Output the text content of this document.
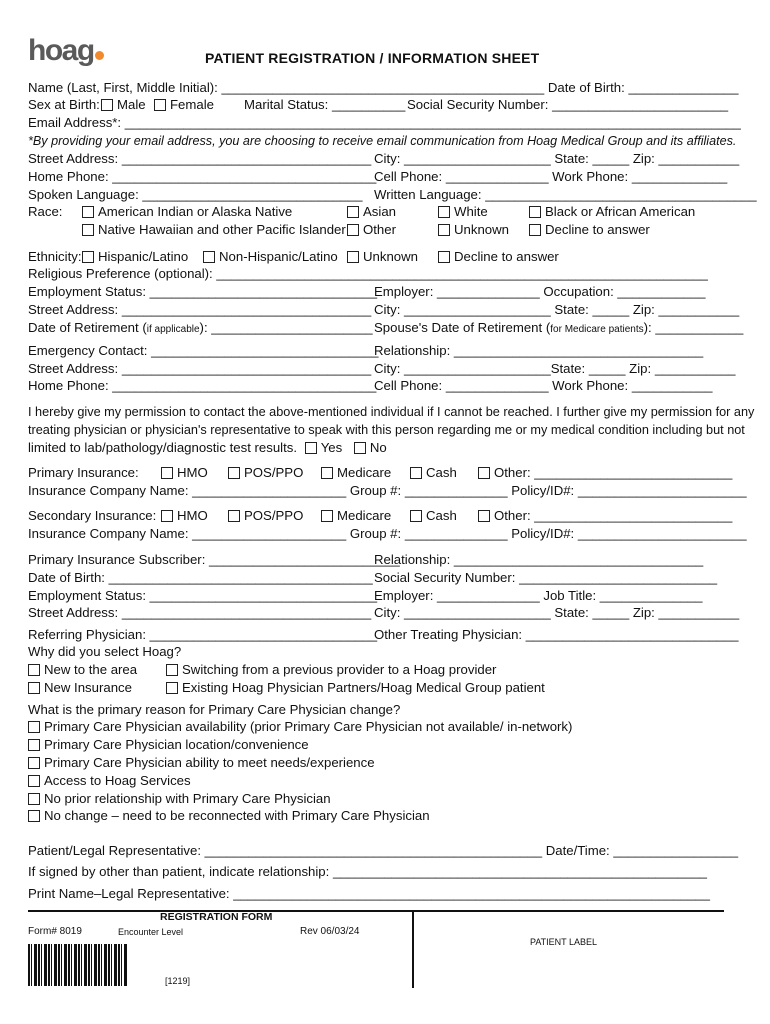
hoag	PATIENT REGISTRATION / INFORMATION SHEET
Name (Last, First, Middle Initial): ____________________________________________ Date of Birth: _______________
Sex at Birth:	Male	Female Marital Status: __________ Social Security Number: ________________________
Email Address*: ____________________________________________________________________________________
*By providing your email address, you are choosing to receive email communication from Hoag Medical Group and its affiliates.
Street Address: __________________________________ City: ____________________ State: _____ Zip: ___________
Home Phone: ____________________________________
Cell Phone: ______________ Work Phone: _____________
Spoken Language: ______________________________ Written Language: _____________________________________
Race:	American Indian or Alaska Native	Asian	White	Black or African American
Native Hawaiian and other Pacific Islander	Other	Unknown	Decline to answer
Ethnicity:	Hispanic/Latino	Non-Hispanic/Latino	Unknown	Decline to answer
Religious Preference (optional): ___________________________________________________________________
Employment Status: _______________________________
Employer: ______________ Occupation: ____________
Street Address: __________________________________ City: ____________________ State: _____ Zip: ___________
Date of Retirement (if applicable): ______________________ Spouse's Date of Retirement (for Medicare patients): ____________
Emergency Contact: _______________________________
Relationship: __________________________________
Street Address: __________________________________ City: ____________________State: _____ Zip: ___________
Home Phone: ____________________________________
Cell Phone: ______________ Work Phone: ___________
I hereby give my permission to contact the above-mentioned individual if I cannot be reached. I further give my permission for any
treating physician or physician's representative to speak with this person regarding me or my medical condition including but not
limited to lab/pathology/diagnostic test results. Yes No
Primary Insurance:	HMO	POS/PPO	Medicare	Cash	Other: ___________________________
Insurance Company Name: _____________________ Group #: ______________ Policy/ID#: _______________________
Secondary Insurance:	HMO	POS/PPO	Medicare	Cash	Other: ___________________________
Insurance Company Name: _____________________ Group #: ______________ Policy/ID#: _______________________
Primary Insurance Subscriber: __________________________
Relationship: __________________________________
Date of Birth: ____________________________________ Social Security Number: ___________________________
Employment Status: _______________________________
Employer: ______________ Job Title: ______________
Street Address: __________________________________ City: ____________________ State: _____ Zip: ___________
Referring Physician: _______________________________
Other Treating Physician: _____________________________
Why did you select Hoag?
New to the area	Switching from a previous provider to a Hoag provider
New Insurance	Existing Hoag Physician Partners/Hoag Medical Group patient
What is the primary reason for Primary Care Physician change?
Primary Care Physician availability (prior Primary Care Physician not available/ in-network)
Primary Care Physician location/convenience
Primary Care Physician ability to meet needs/experience
Access to Hoag Services
No prior relationship with Primary Care Physician
No change – need to be reconnected with Primary Care Physician
Patient/Legal Representative: ______________________________________________ Date/Time: _________________
If signed by other than patient, indicate relationship: ___________________________________________________
Print Name–Legal Representative: _________________________________________________________________
REGISTRATION FORM
Form# 8019	Encounter Level	Rev 06/03/24
PATIENT LABEL
[1219]
